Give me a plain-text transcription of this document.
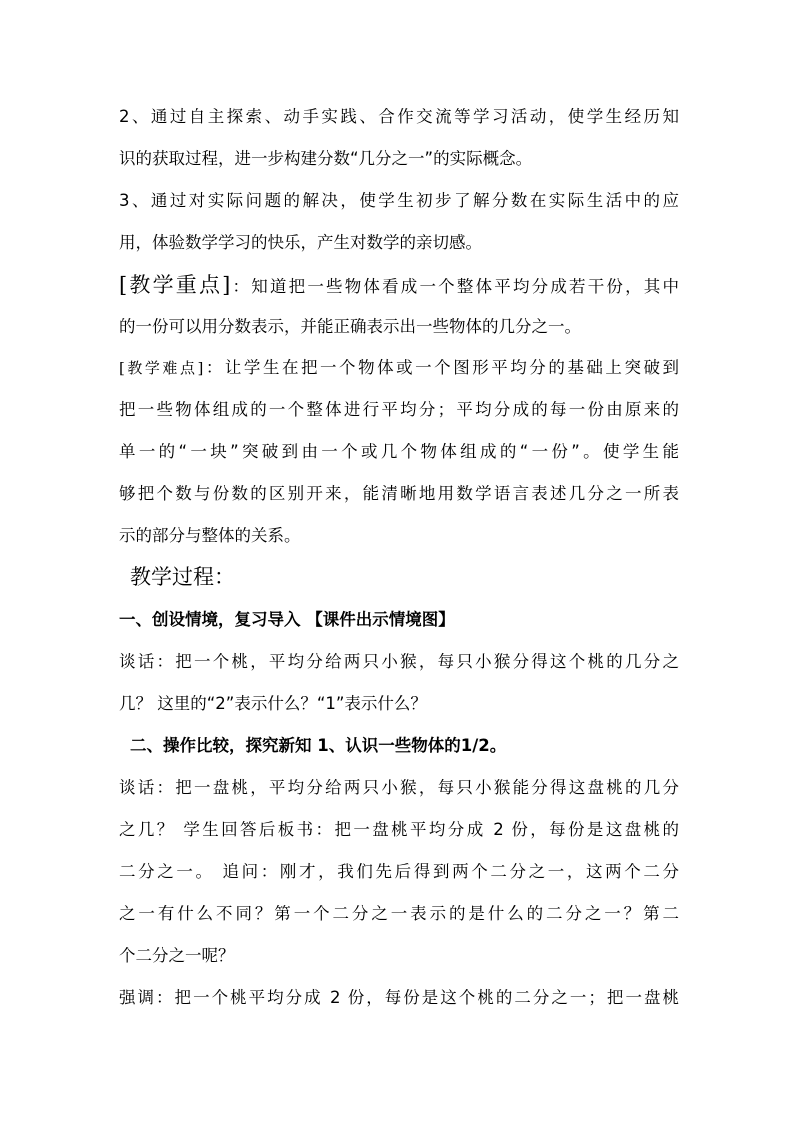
2、通过自主探索、动手实践、合作交流等学习活动，使学生经历知
识的获取过程，进一步构建分数“几分之一”的实际概念。
3、通过对实际问题的解决，使学生初步了解分数在实际生活中的应
用，体验数学学习的快乐，产生对数学的亲切感。
[教学重点]：知道把一些物体看成一个整体平均分成若干份，其中
的一份可以用分数表示，并能正确表示出一些物体的几分之一。
[教学难点]：让学生在把一个物体或一个图形平均分的基础上突破到
把一些物体组成的一个整体进行平均分；平均分成的每一份由原来的
单一的“一块”突破到由一个或几个物体组成的“一份”。使学生能
够把个数与份数的区别开来，能清晰地用数学语言表述几分之一所表
示的部分与整体的关系。
教学过程：
一、创设情境，复习导入 【课件出示情境图】
谈话：把一个桃，平均分给两只小猴，每只小猴分得这个桃的几分之
几？ 这里的“2”表示什么？“1”表示什么？
二、操作比较，探究新知 1、认识一些物体的1/2。
谈话：把一盘桃，平均分给两只小猴，每只小猴能分得这盘桃的几分
之几？ 学生回答后板书：把一盘桃平均分成 2 份，每份是这盘桃的
二分之一。 追问：刚才，我们先后得到两个二分之一，这两个二分
之一有什么不同？第一个二分之一表示的是什么的二分之一？第二
个二分之一呢？
强调：把一个桃平均分成 2 份，每份是这个桃的二分之一；把一盘桃
